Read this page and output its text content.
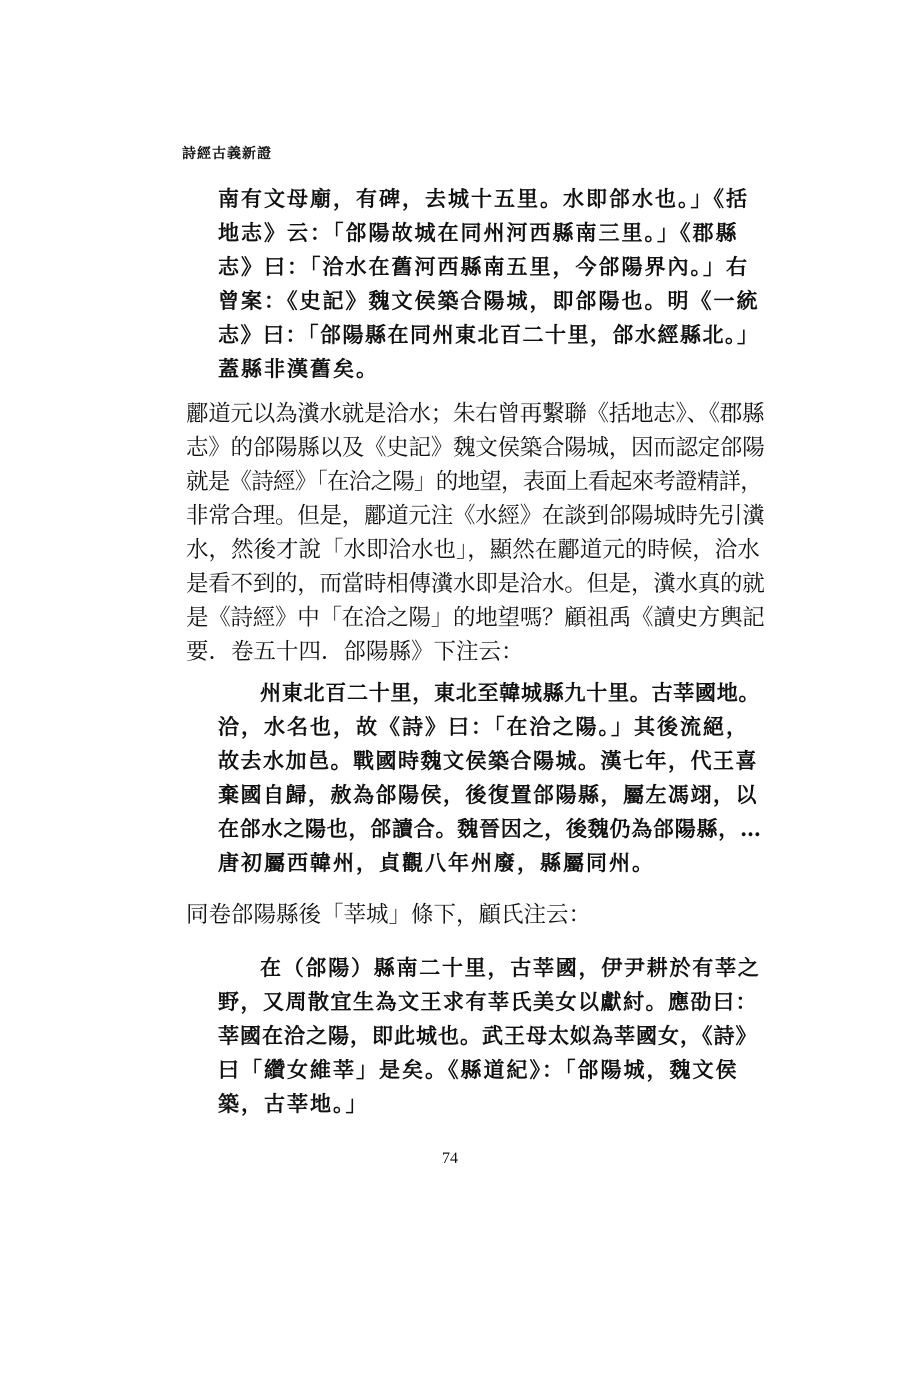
詩經古義新證
南有文母廟，有碑，去城十五里。水即郃水也。」《括
地志》云：「郃陽故城在同州河西縣南三里。」《郡縣
志》曰：「洽水在舊河西縣南五里，今郃陽界內。」右
曾案：《史記》魏文侯築合陽城，即郃陽也。明《一統
志》曰：「郃陽縣在同州東北百二十里，郃水經縣北。」
蓋縣非漢舊矣。
酈道元以為瀵水就是洽水；朱右曾再繫聯《括地志》、《郡縣
志》的郃陽縣以及《史記》魏文侯築合陽城，因而認定郃陽
就是《詩經》「在洽之陽」的地望，表面上看起來考證精詳，
非常合理。但是，酈道元注《水經》在談到郃陽城時先引瀵
水，然後才說「水即洽水也」，顯然在酈道元的時候，洽水
是看不到的，而當時相傳瀵水即是洽水。但是，瀵水真的就
是《詩經》中「在洽之陽」的地望嗎？顧祖禹《讀史方輿記
要．卷五十四．郃陽縣》下注云：
州東北百二十里，東北至韓城縣九十里。古莘國地。
洽，水名也，故《詩》曰：「在洽之陽。」其後流絕，
故去水加邑。戰國時魏文侯築合陽城。漢七年，代王喜
棄國自歸，赦為郃陽侯，後復置郃陽縣，屬左馮翊，以
在郃水之陽也，郃讀合。魏晉因之，後魏仍為郃陽縣，…
唐初屬西韓州，貞觀八年州廢，縣屬同州。
同卷郃陽縣後「莘城」條下，顧氏注云：
在（郃陽）縣南二十里，古莘國，伊尹耕於有莘之
野，又周散宜生為文王求有莘氏美女以獻紂。應劭曰：
莘國在洽之陽，即此城也。武王母太姒為莘國女，《詩》
曰「纘女維莘」是矣。《縣道紀》：「郃陽城，魏文侯
築，古莘地。」
74
